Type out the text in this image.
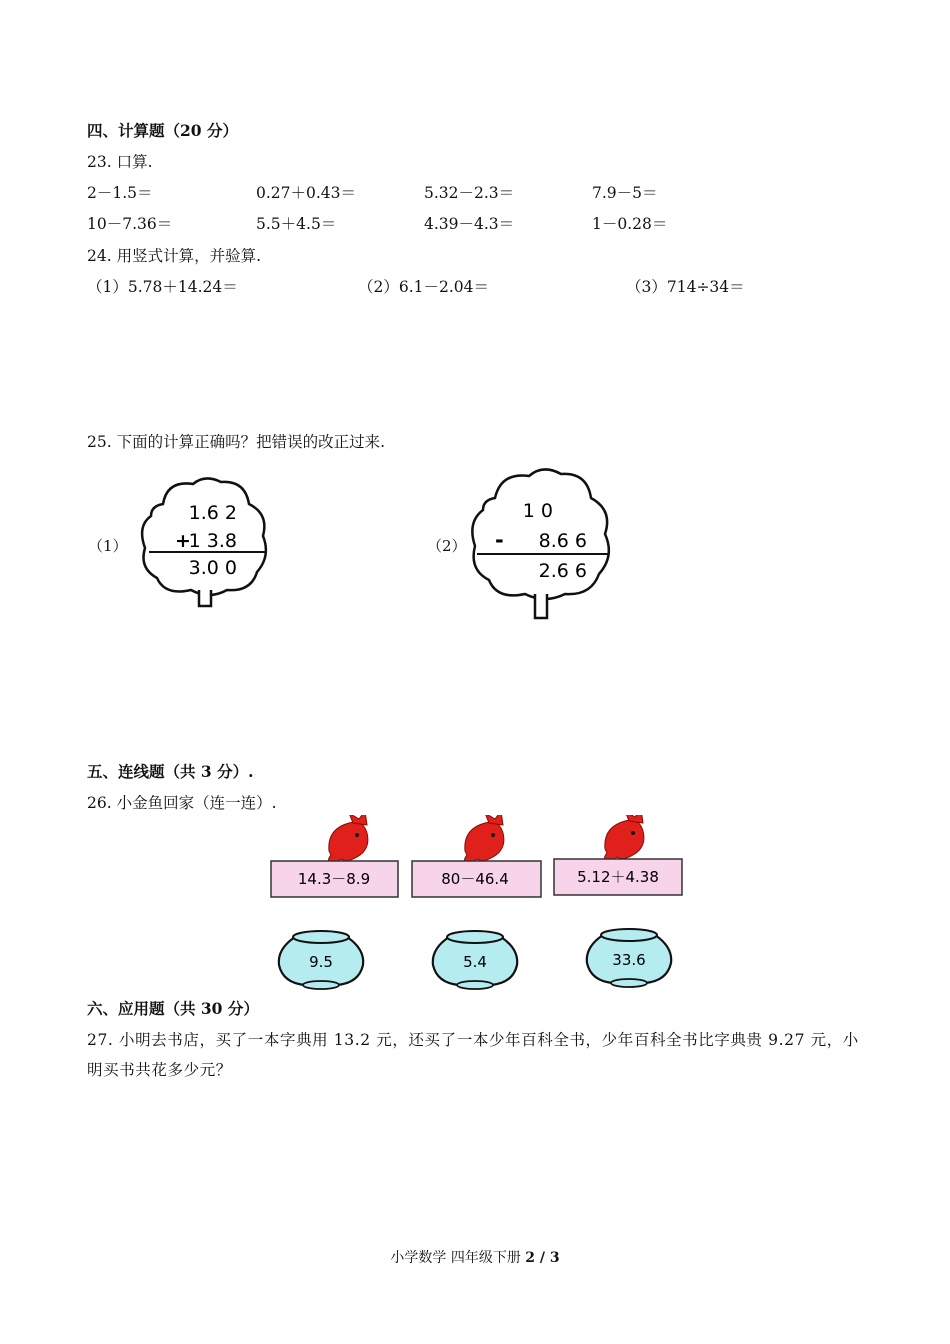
四、计算题（20 分）
23. 口算.
2－1.5＝	0.27＋0.43＝	5.32－2.3＝	7.9－5＝
10－7.36＝	5.5＋4.5＝	4.39－4.3＝	1－0.28＝
24. 用竖式计算，并验算.
（1）5.78＋14.24＝	（2）6.1－2.04＝	（3）714÷34＝
25. 下面的计算正确吗？把错误的改正过来.
（1）
1.6 2
+
1 3.8
3.0 0
（2）
1 0
- 8.6 6
2.6 6
五、连线题（共 3 分）.
26. 小金鱼回家（连一连）.
14.3－8.9	80－46.4	5.12＋4.38
9.5	5.4	33.6
六、应用题（共 30 分）
27. 小明去书店，买了一本字典用 13.2 元，还买了一本少年百科全书，少年百科全书比字典贵 9.27 元，小明买书共花多少元？
小学数学 四年级下册 2 / 3
